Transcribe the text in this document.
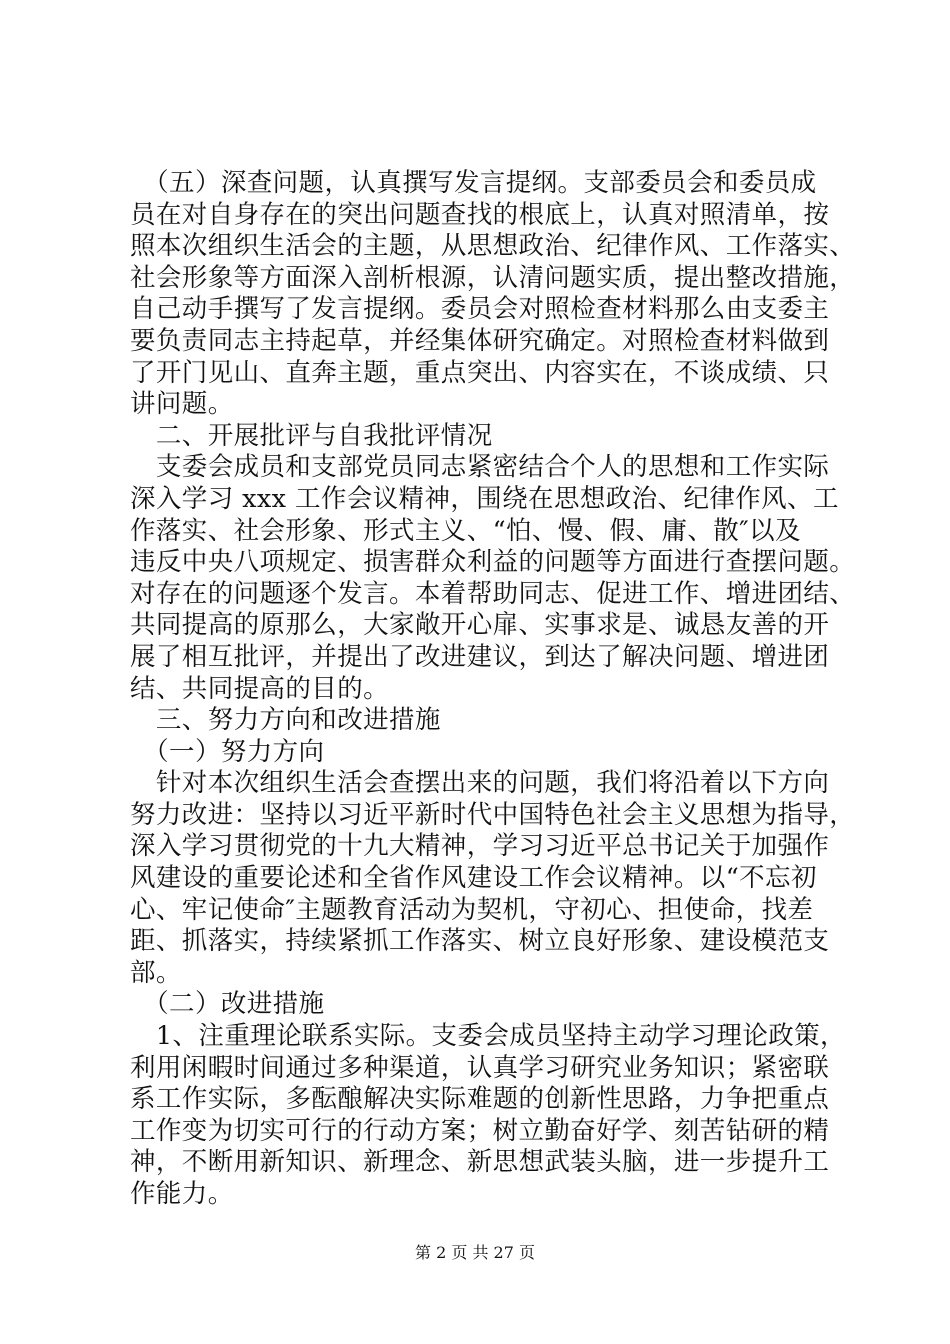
　（五）深查问题，认真撰写发言提纲。支部委员会和委员成
员在对自身存在的突出问题查找的根底上，认真对照清单，按
照本次组织生活会的主题，从思想政治、纪律作风、工作落实、
社会形象等方面深入剖析根源，认清问题实质，提出整改措施，
自己动手撰写了发言提纲。委员会对照检查材料那么由支委主
要负责同志主持起草，并经集体研究确定。对照检查材料做到
了开门见山、直奔主题，重点突出、内容实在，不谈成绩、只
讲问题。
　二、开展批评与自我批评情况
　支委会成员和支部党员同志紧密结合个人的思想和工作实际
深入学习 xxx 工作会议精神，围绕在思想政治、纪律作风、工
作落实、社会形象、形式主义、“怕、慢、假、庸、散″以及
违反中央八项规定、损害群众利益的问题等方面进行查摆问题。
对存在的问题逐个发言。本着帮助同志、促进工作、增进团结、
共同提高的原那么，大家敞开心扉、实事求是、诚恳友善的开
展了相互批评，并提出了改进建议，到达了解决问题、增进团
结、共同提高的目的。
　三、努力方向和改进措施
　（一）努力方向
　针对本次组织生活会查摆出来的问题，我们将沿着以下方向
努力改进：坚持以习近平新时代中国特色社会主义思想为指导，
深入学习贯彻党的十九大精神，学习习近平总书记关于加强作
风建设的重要论述和全省作风建设工作会议精神。以“不忘初
心、牢记使命″主题教育活动为契机，守初心、担使命，找差
距、抓落实，持续紧抓工作落实、树立良好形象、建设模范支
部。
　（二）改进措施
　1、注重理论联系实际。支委会成员坚持主动学习理论政策，
利用闲暇时间通过多种渠道，认真学习研究业务知识；紧密联
系工作实际，多酝酿解决实际难题的创新性思路，力争把重点
工作变为切实可行的行动方案；树立勤奋好学、刻苦钻研的精
神，不断用新知识、新理念、新思想武装头脑，进一步提升工
作能力。
第 2 页 共 27 页
